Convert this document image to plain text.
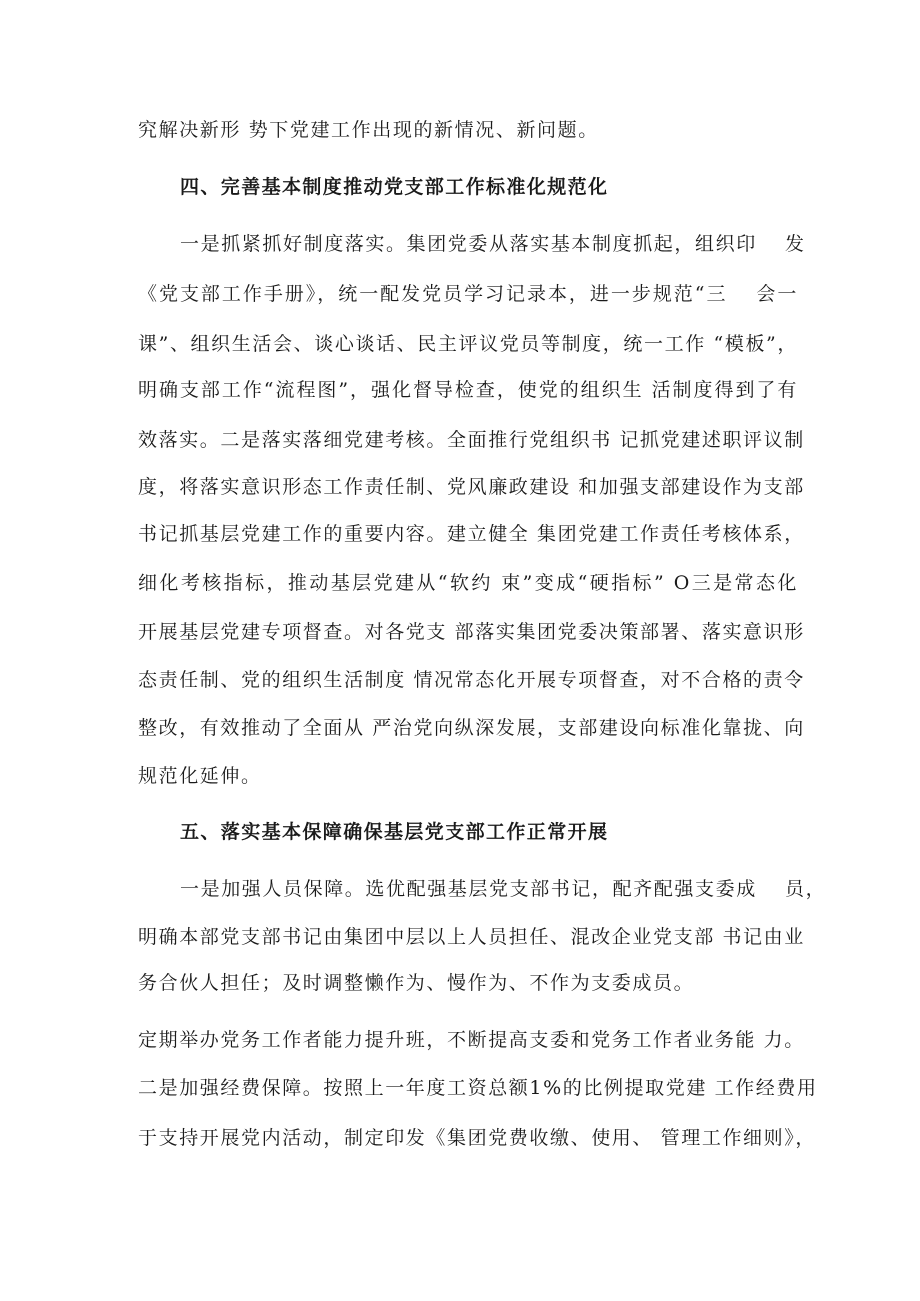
究解决新形 势下党建工作出现的新情况、新问题。
四、完善基本制度推动党支部工作标准化规范化
一是抓紧抓好制度落实。集团党委从落实基本制度抓起，组织印　 发
《党支部工作手册》，统一配发党员学习记录本，进一步规范“三　 会一
课”、组织生活会、谈心谈话、民主评议党员等制度，统一工作 “模板”，
明确支部工作“流程图”，强化督导检查，使党的组织生 活制度得到了有
效落实。二是落实落细党建考核。全面推行党组织书 记抓党建述职评议制
度，将落实意识形态工作责任制、党风廉政建设 和加强支部建设作为支部
书记抓基层党建工作的重要内容。建立健全 集团党建工作责任考核体系，
细化考核指标，推动基层党建从“软约 束”变成“硬指标” O三是常态化
开展基层党建专项督查。对各党支 部落实集团党委决策部署、落实意识形
态责任制、党的组织生活制度 情况常态化开展专项督查，对不合格的责令
整改，有效推动了全面从 严治党向纵深发展，支部建设向标准化靠拢、向
规范化延伸。
五、落实基本保障确保基层党支部工作正常开展
一是加强人员保障。选优配强基层党支部书记，配齐配强支委成　 员，
明确本部党支部书记由集团中层以上人员担任、混改企业党支部 书记由业
务合伙人担任；及时调整懒作为、慢作为、不作为支委成员。
定期举办党务工作者能力提升班，不断提高支委和党务工作者业务能 力。
二是加强经费保障。按照上一年度工资总额1%的比例提取党建 工作经费用
于支持开展党内活动，制定印发《集团党费收缴、使用、 管理工作细则》，
